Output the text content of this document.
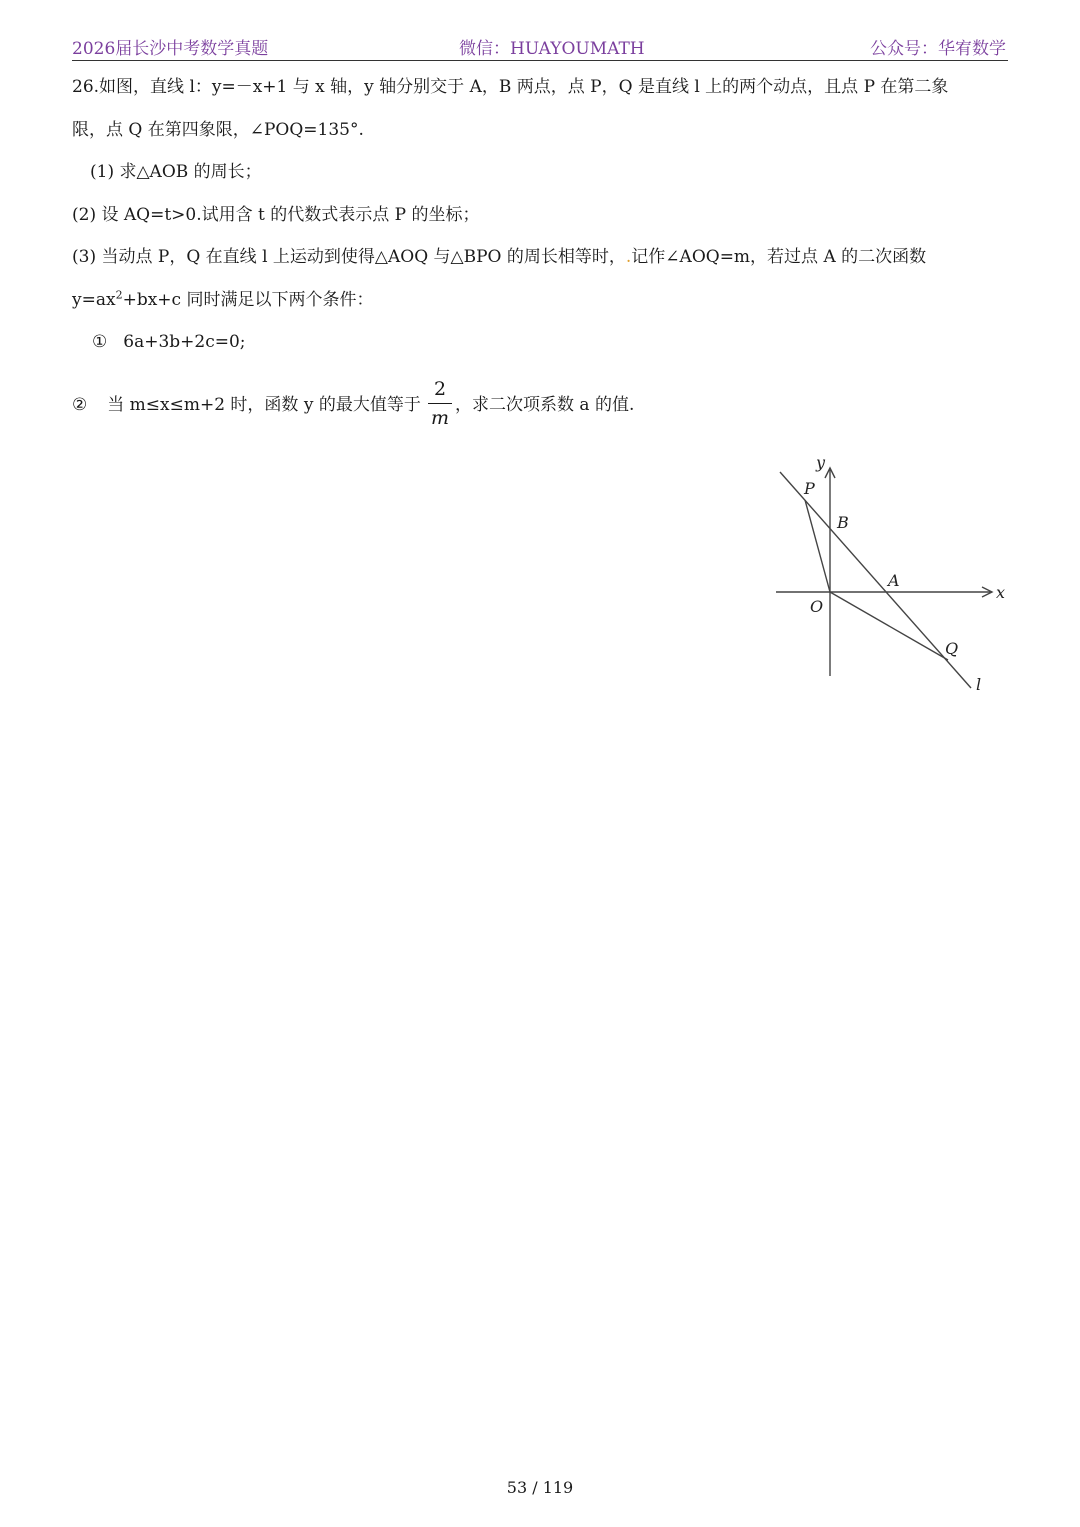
2026届长沙中考数学真题	微信：HUAYOUMATH	公众号：华宥数学
26.如图，直线 l：y=－x+1 与 x 轴，y 轴分别交于 A，B 两点，点 P，Q 是直线 l 上的两个动点，且点 P 在第二象
限，点 Q 在第四象限，∠POQ=135°.
(1) 求△AOB 的周长；
(2) 设 AQ=t>0.试用含 t 的代数式表示点 P 的坐标；
(3) 当动点 P，Q 在直线 l 上运动到使得△AOQ 与△BPO 的周长相等时，.记作∠AOQ=m，若过点 A 的二次函数
$y=ax^2+bx+c$ 同时满足以下两个条件：
① 6a+3b+2c=0;
② 当 m≤x≤m+2 时，函数 y 的最大值等于
2
m
，求二次项系数 a 的值.
y
x
P
B
A
O
Q
l
53 / 119
